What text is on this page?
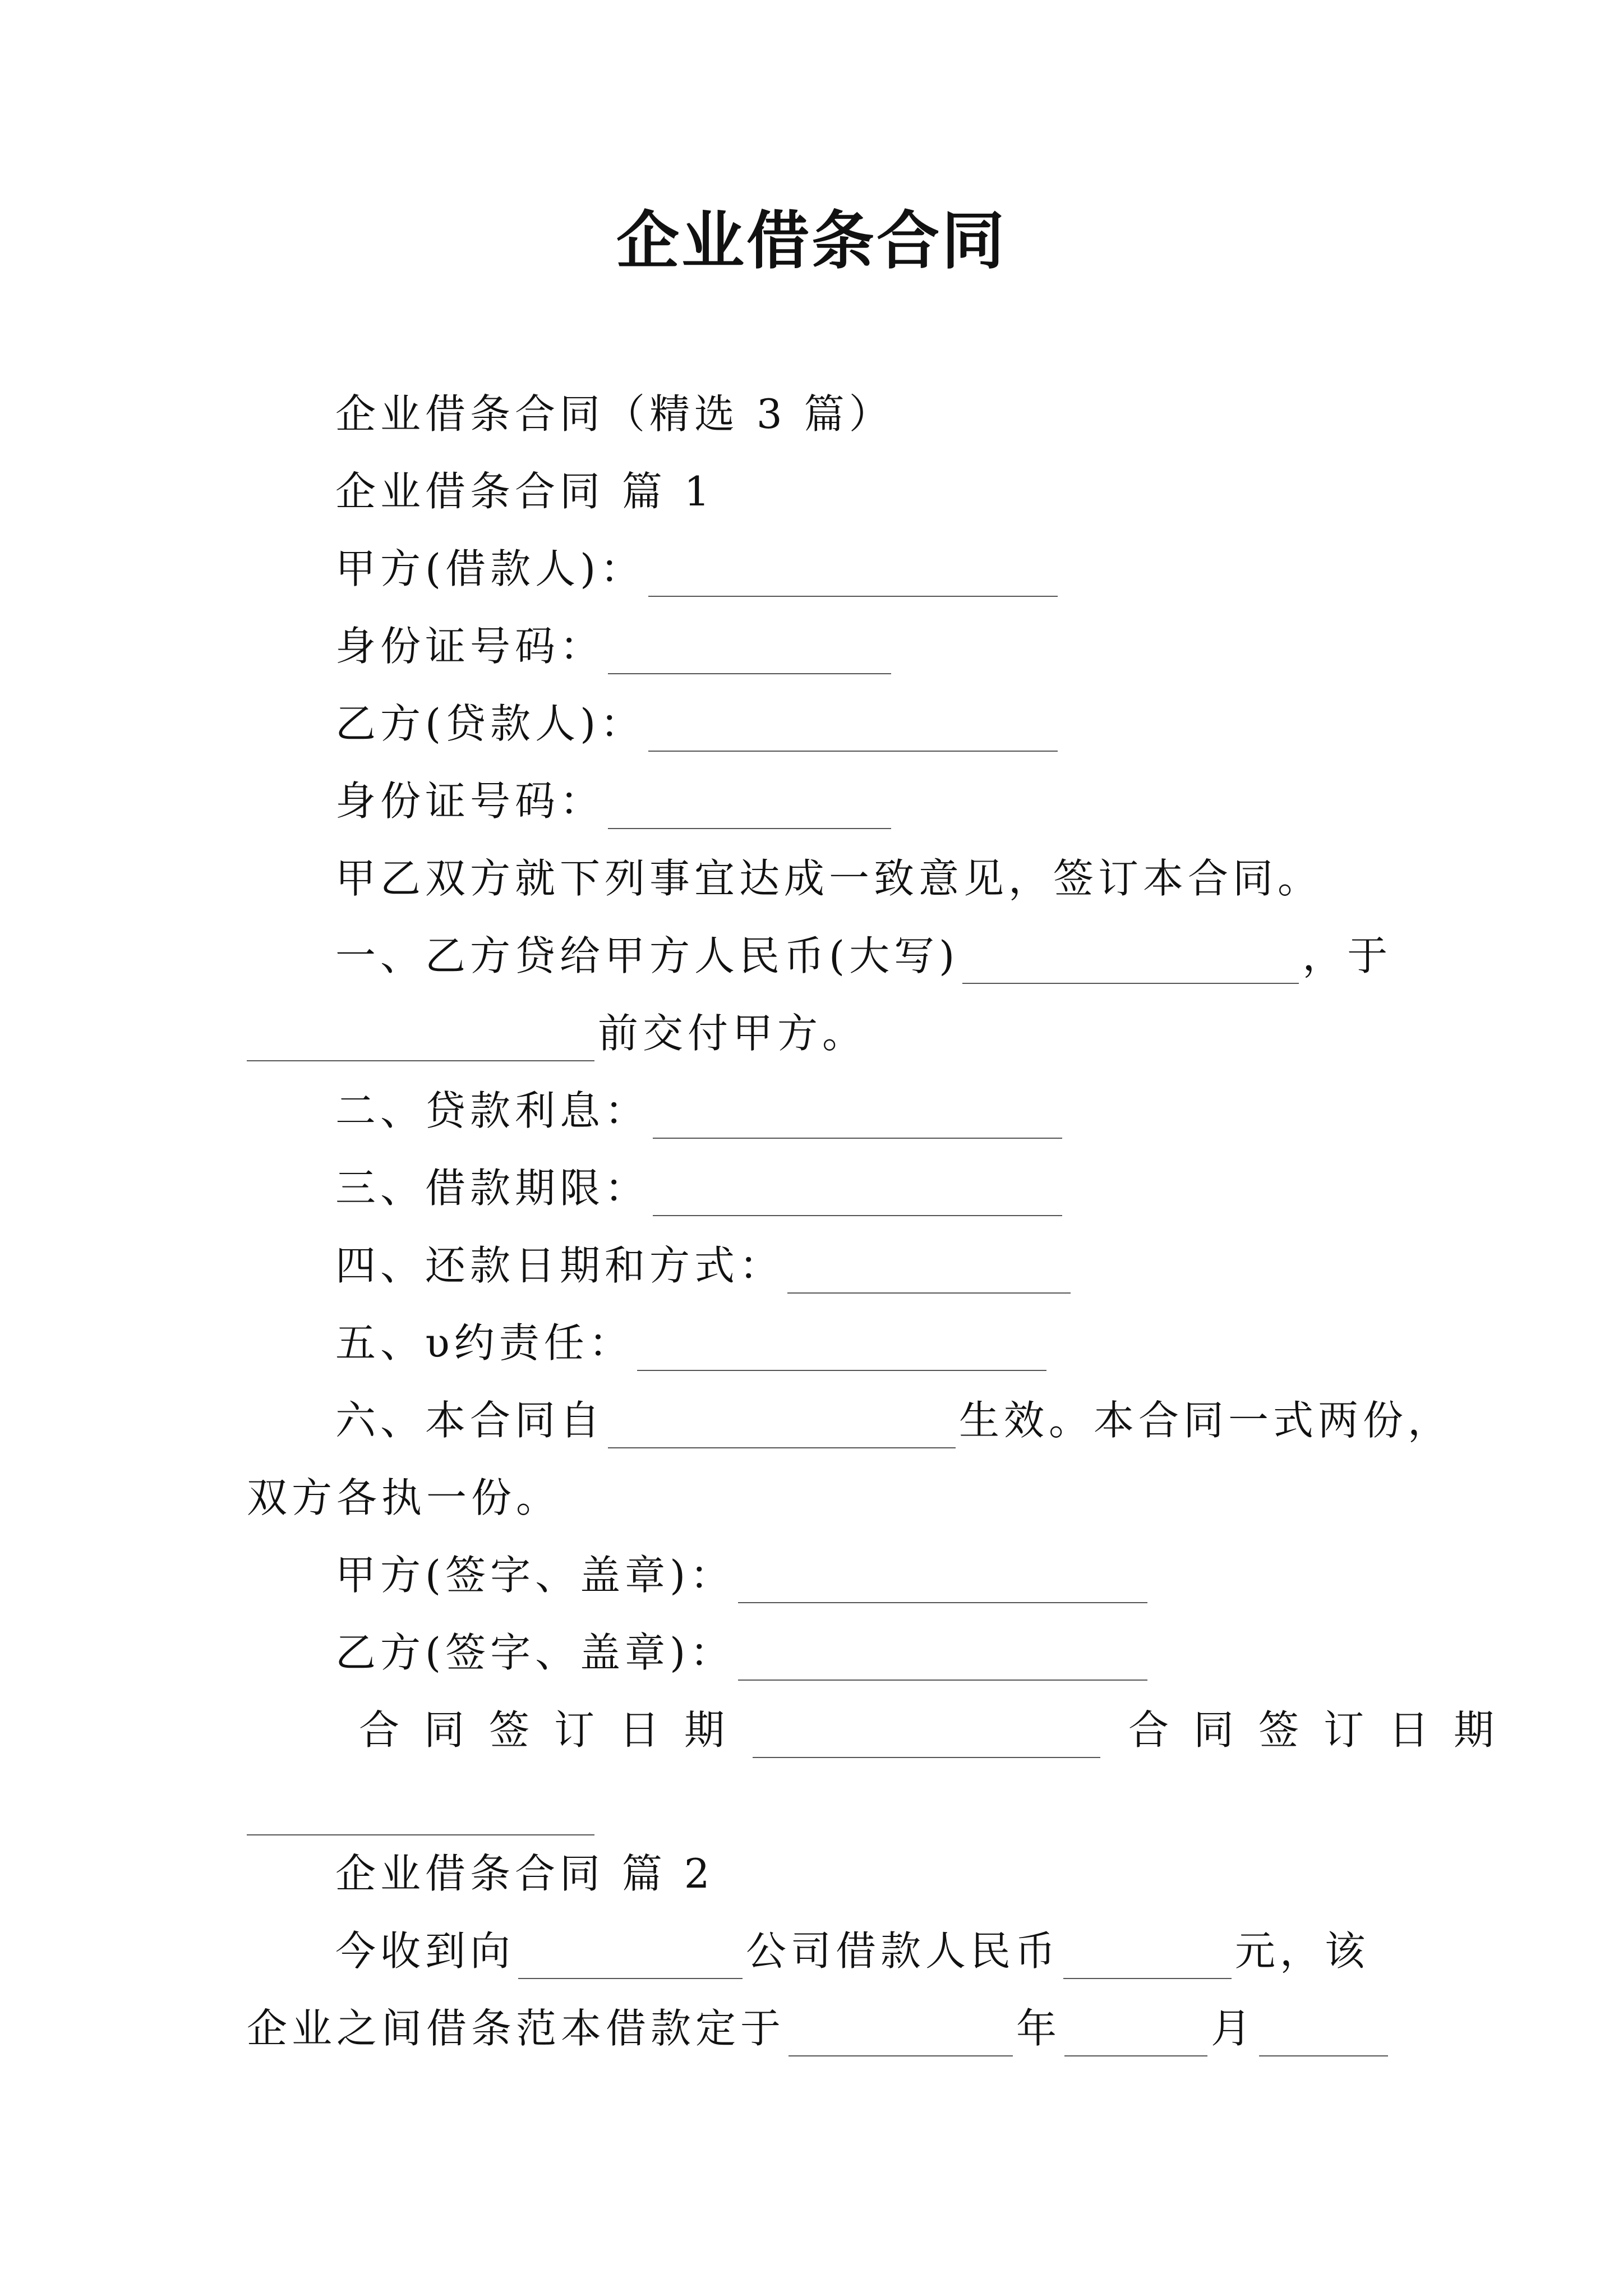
企业借条合同
企业借条合同（精选 3 篇）
企业借条合同 篇 1
甲方(借款人)：
身份证号码：
乙方(贷款人)：
身份证号码：
甲乙双方就下列事宜达成一致意见，签订本合同。
一、乙方贷给甲方人民币(大写)	，于
前交付甲方。
二、贷款利息：
三、借款期限：
四、还款日期和方式：
五、υ约责任：
六、本合同自	生效。本合同一式两份，
双方各执一份。
甲方(签字、盖章)：
乙方(签字、盖章)：
合同签订日期	合同签订日期
企业借条合同 篇 2
今收到向	公司借款人民币	元，该
企业之间借条范本借款定于	年	月
